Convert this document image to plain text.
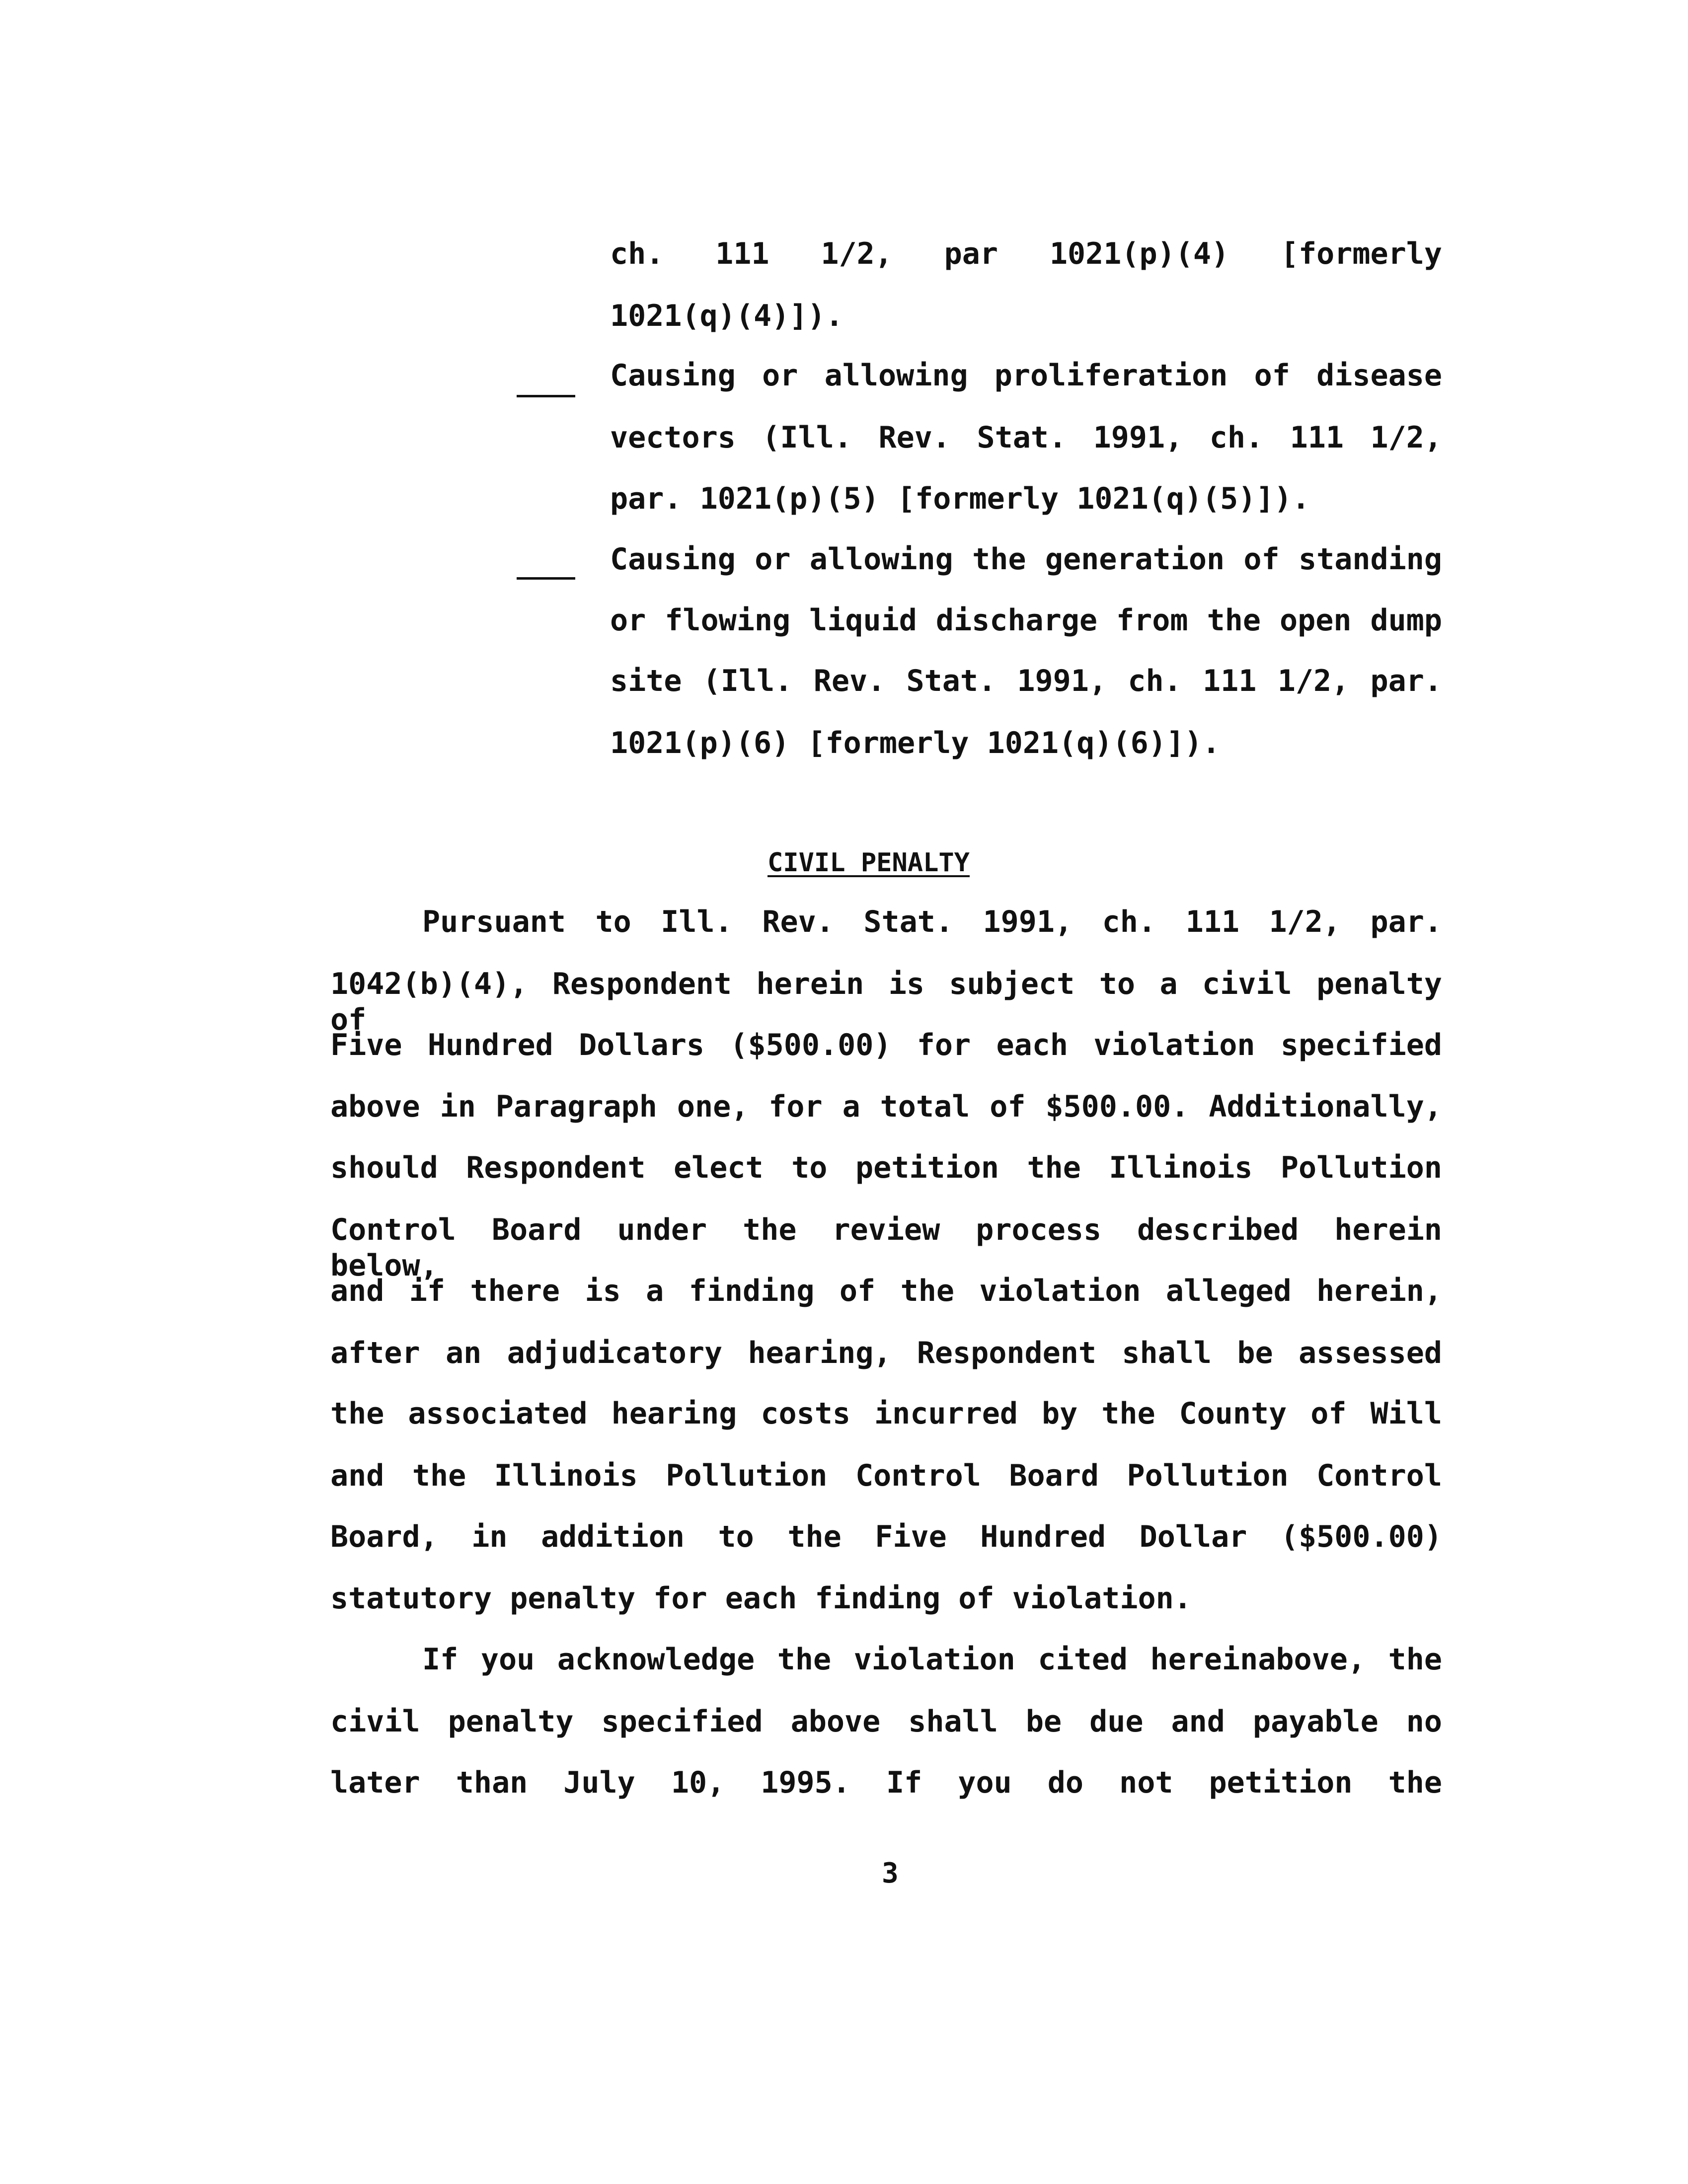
ch. 111 1/2, par 1021(p)(4) [formerly
1021(q)(4)]).
Causing or allowing proliferation of disease
vectors (Ill. Rev. Stat. 1991, ch. 111 1/2,
par. 1021(p)(5) [formerly 1021(q)(5)]).
Causing or allowing the generation of standing
or flowing liquid discharge from the open dump
site (Ill. Rev. Stat. 1991, ch. 111 1/2, par.
1021(p)(6) [formerly 1021(q)(6)]).
CIVIL PENALTY
Pursuant to Ill. Rev. Stat. 1991, ch. 111 1/2, par.
1042(b)(4), Respondent herein is subject to a civil penalty of
Five Hundred Dollars ($500.00) for each violation specified
above in Paragraph one, for a total of $500.00. Additionally,
should Respondent elect to petition the Illinois Pollution
Control Board under the review process described herein below,
and if there is a finding of the violation alleged herein,
after an adjudicatory hearing, Respondent shall be assessed
the associated hearing costs incurred by the County of Will
and the Illinois Pollution Control Board Pollution Control
Board, in addition to the Five Hundred Dollar ($500.00)
statutory penalty for each finding of violation.
If you acknowledge the violation cited hereinabove, the
civil penalty specified above shall be due and payable no
later than July 10, 1995. If you do not petition the
3
